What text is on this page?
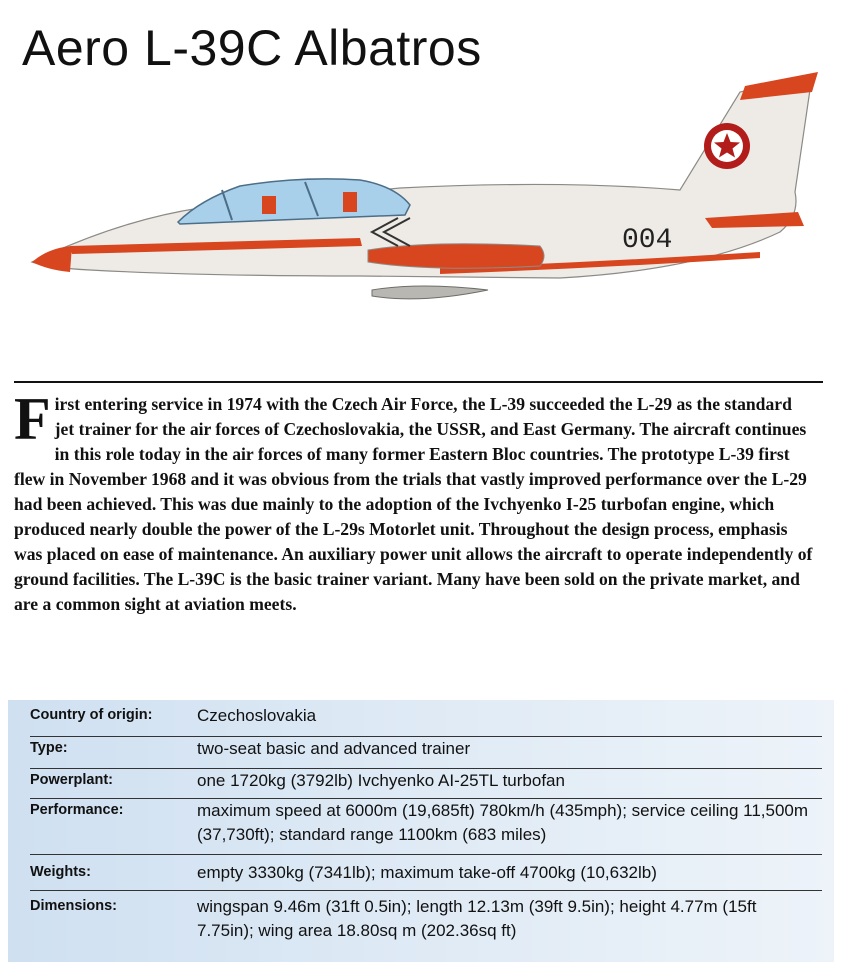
Aero L-39C Albatros
004

First entering service in 1974 with the Czech Air Force, the L-39 succeeded the L-29 as the standard jet trainer for the air forces of Czechoslovakia, the USSR, and East Germany. The aircraft continues in this role today in the air forces of many former Eastern Bloc countries. The prototype L-39 first flew in November 1968 and it was obvious from the trials that vastly improved performance over the L-29 had been achieved. This was due mainly to the adoption of the Ivchyenko I-25 turbofan engine, which produced nearly double the power of the L-29s Motorlet unit. Throughout the design process, emphasis was placed on ease of maintenance. An auxiliary power unit allows the aircraft to operate independently of ground facilities. The L-39C is the basic trainer variant. Many have been sold on the private market, and are a common sight at aviation meets.

Country of origin:	Czechoslovakia
Type:	two-seat basic and advanced trainer
Powerplant:	one 1720kg (3792lb) Ivchyenko AI-25TL turbofan
Performance:	maximum speed at 6000m (19,685ft) 780km/h (435mph); service ceiling 11,500m (37,730ft); standard range 1100km (683 miles)
Weights:	empty 3330kg (7341lb); maximum take-off 4700kg (10,632lb)
Dimensions:	wingspan 9.46m (31ft 0.5in); length 12.13m (39ft 9.5in); height 4.77m (15ft 7.75in); wing area 18.80sq m (202.36sq ft)
